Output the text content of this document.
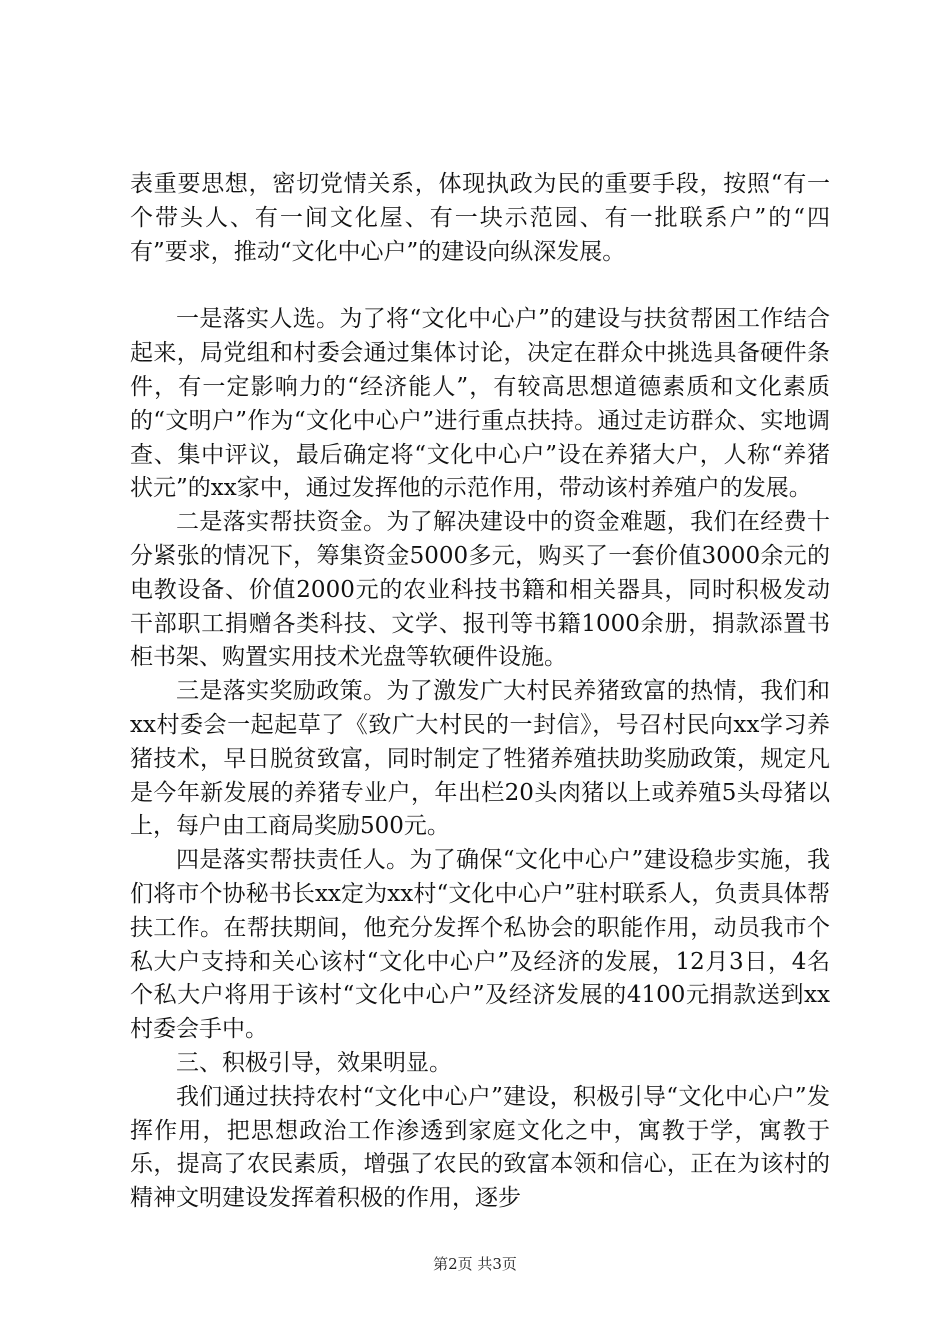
表重要思想，密切党情关系，体现执政为民的重要手段，按照“有一个带头人、有一间文化屋、有一块示范园、有一批联系户”的“四有”要求，推动“文化中心户”的建设向纵深发展。

一是落实人选。为了将“文化中心户”的建设与扶贫帮困工作结合起来，局党组和村委会通过集体讨论，决定在群众中挑选具备硬件条件，有一定影响力的“经济能人”，有较高思想道德素质和文化素质的“文明户”作为“文化中心户”进行重点扶持。通过走访群众、实地调查、集中评议，最后确定将“文化中心户”设在养猪大户，人称“养猪状元”的xx家中，通过发挥他的示范作用，带动该村养殖户的发展。

二是落实帮扶资金。为了解决建设中的资金难题，我们在经费十分紧张的情况下，筹集资金5000多元，购买了一套价值3000余元的电教设备、价值2000元的农业科技书籍和相关器具，同时积极发动干部职工捐赠各类科技、文学、报刊等书籍1000余册，捐款添置书柜书架、购置实用技术光盘等软硬件设施。

三是落实奖励政策。为了激发广大村民养猪致富的热情，我们和xx村委会一起起草了《致广大村民的一封信》，号召村民向xx学习养猪技术，早日脱贫致富，同时制定了牲猪养殖扶助奖励政策，规定凡是今年新发展的养猪专业户，年出栏20头肉猪以上或养殖5头母猪以上，每户由工商局奖励500元。

四是落实帮扶责任人。为了确保“文化中心户”建设稳步实施，我们将市个协秘书长xx定为xx村“文化中心户”驻村联系人，负责具体帮扶工作。在帮扶期间，他充分发挥个私协会的职能作用，动员我市个私大户支持和关心该村“文化中心户”及经济的发展，12月3日，4名个私大户将用于该村“文化中心户”及经济发展的4100元捐款送到xx村委会手中。

三、积极引导，效果明显。

我们通过扶持农村“文化中心户”建设，积极引导“文化中心户”发挥作用，把思想政治工作渗透到家庭文化之中，寓教于学，寓教于乐，提高了农民素质，增强了农民的致富本领和信心，正在为该村的精神文明建设发挥着积极的作用，逐步

第2页 共3页
